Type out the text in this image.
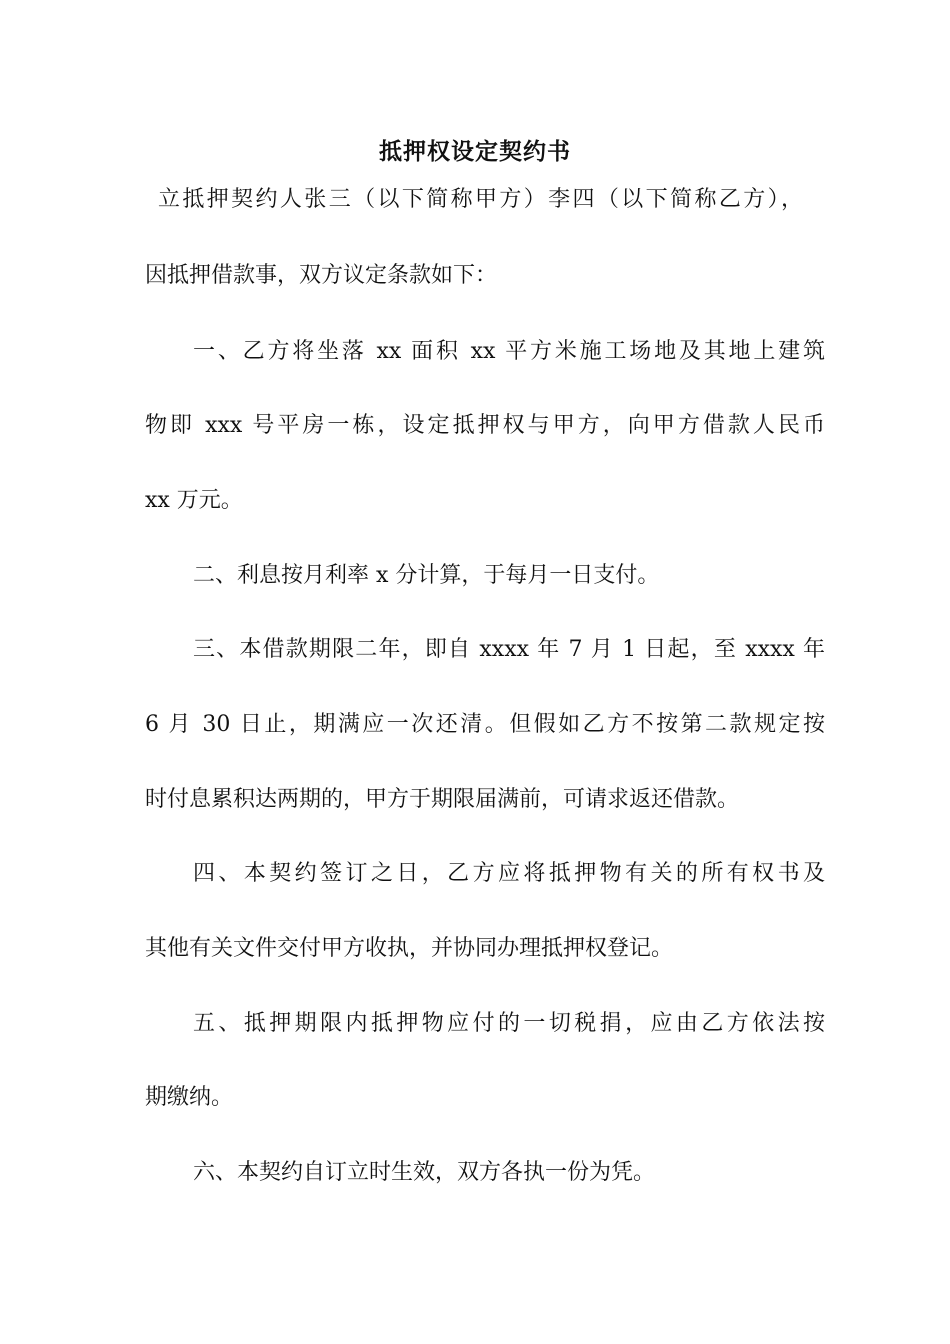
抵押权设定契约书
立抵押契约人张三（以下简称甲方）李四（以下简称乙方），
因抵押借款事，双方议定条款如下：
一、乙方将坐落 xx 面积 xx 平方米施工场地及其地上建筑
物即 xxx 号平房一栋，设定抵押权与甲方，向甲方借款人民币
xx 万元。
二、利息按月利率 x 分计算，于每月一日支付。
三、本借款期限二年，即自 xxxx 年 7 月 1 日起，至 xxxx 年
6 月 30 日止，期满应一次还清。但假如乙方不按第二款规定按
时付息累积达两期的，甲方于期限届满前，可请求返还借款。
四、本契约签订之日，乙方应将抵押物有关的所有权书及
其他有关文件交付甲方收执，并协同办理抵押权登记。
五、抵押期限内抵押物应付的一切税捐，应由乙方依法按
期缴纳。
六、本契约自订立时生效，双方各执一份为凭。
